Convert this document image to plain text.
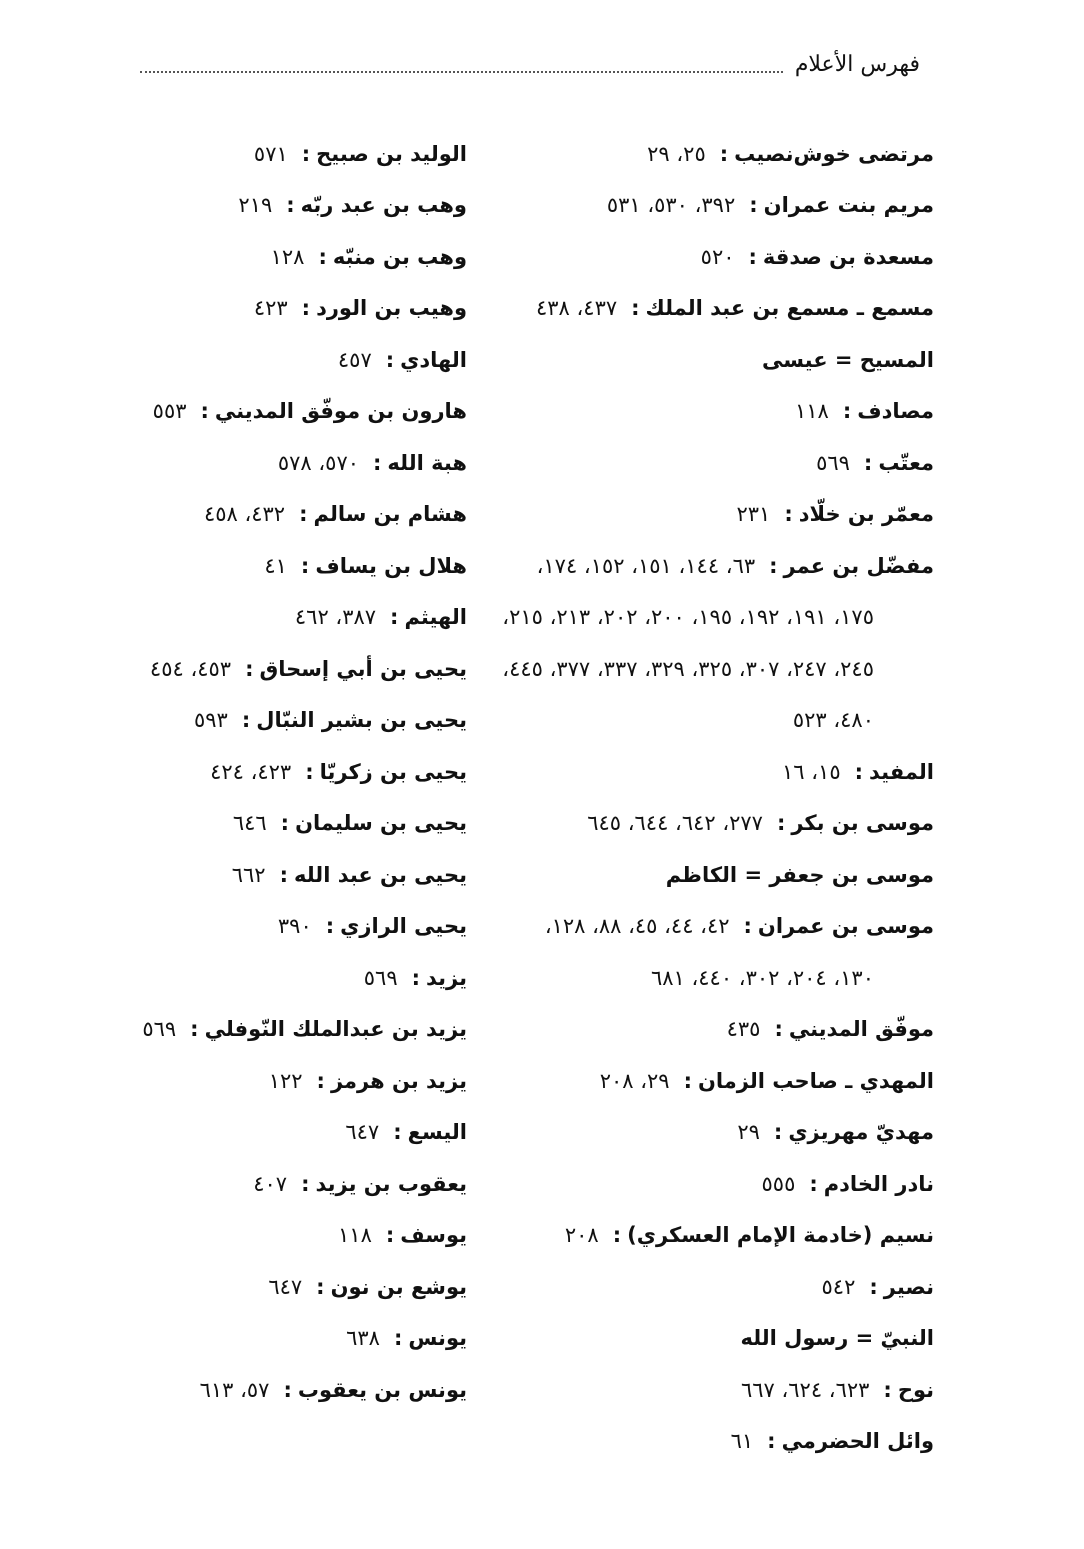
فهرس الأعلام
مرتضى خوش‌نصيب
:
٢٥، ٢٩
مريم بنت عمران
:
٣٩٢، ٥٣٠، ٥٣١
مسعدة بن صدقة
:
٥٢٠
مسمع ـ مسمع بن عبد الملك
:
٤٣٧، ٤٣٨
المسيح = عيسى
مصادف
:
١١٨
معتّب
:
٥٦٩
معمّر بن خلّاد
:
٢٣١
مفضّل بن عمر
:
٦٣، ١٤٤، ١٥١، ١٥٢، ١٧٤،
١٧٥، ١٩١، ١٩٢، ١٩٥، ٢٠٠، ٢٠٢، ٢١٣، ٢١٥،
٢٤٥، ٢٤٧، ٣٠٧، ٣٢٥، ٣٢٩، ٣٣٧، ٣٧٧، ٤٤٥،
٤٨٠، ٥٢٣
المفيد
:
١٥، ١٦
موسى بن بكر
:
٢٧٧، ٦٤٢، ٦٤٤، ٦٤٥
موسى بن جعفر = الكاظم
موسى بن عمران
:
٤٢، ٤٤، ٤٥، ٨٨، ١٢٨،
١٣٠، ٢٠٤، ٣٠٢، ٤٤٠، ٦٨١
موفّق المديني
:
٤٣٥
المهدي ـ صاحب الزمان
:
٢٩، ٢٠٨
مهديّ مهريزي
:
٢٩
نادر الخادم
:
٥٥٥
نسيم (خادمة الإمام العسكري)
:
٢٠٨
نصير
:
٥٤٢
النبيّ = رسول الله
نوح
:
٦٢٣، ٦٢٤، ٦٦٧
وائل الحضرمي
:
٦١
الوليد بن صبيح
:
٥٧١
وهب بن عبد ربّه
:
٢١٩
وهب بن منبّه
:
١٢٨
وهيب بن الورد
:
٤٢٣
الهادي
:
٤٥٧
هارون بن موفّق المديني
:
٥٥٣
هبة الله
:
٥٧٠، ٥٧٨
هشام بن سالم
:
٤٣٢، ٤٥٨
هلال بن يساف
:
٤١
الهيثم
:
٣٨٧، ٤٦٢
يحيى بن أبي إسحاق
:
٤٥٣، ٤٥٤
يحيى بن بشير النبّال
:
٥٩٣
يحيى بن زكريّا
:
٤٢٣، ٤٢٤
يحيى بن سليمان
:
٦٤٦
يحيى بن عبد الله
:
٦٦٢
يحيى الرازي
:
٣٩٠
يزيد
:
٥٦٩
يزيد بن عبدالملك النّوفلي
:
٥٦٩
يزيد بن هرمز
:
١٢٢
اليسع
:
٦٤٧
يعقوب بن يزيد
:
٤٠٧
يوسف
:
١١٨
يوشع بن نون
:
٦٤٧
يونس
:
٦٣٨
يونس بن يعقوب
:
٥٧، ٦١٣
